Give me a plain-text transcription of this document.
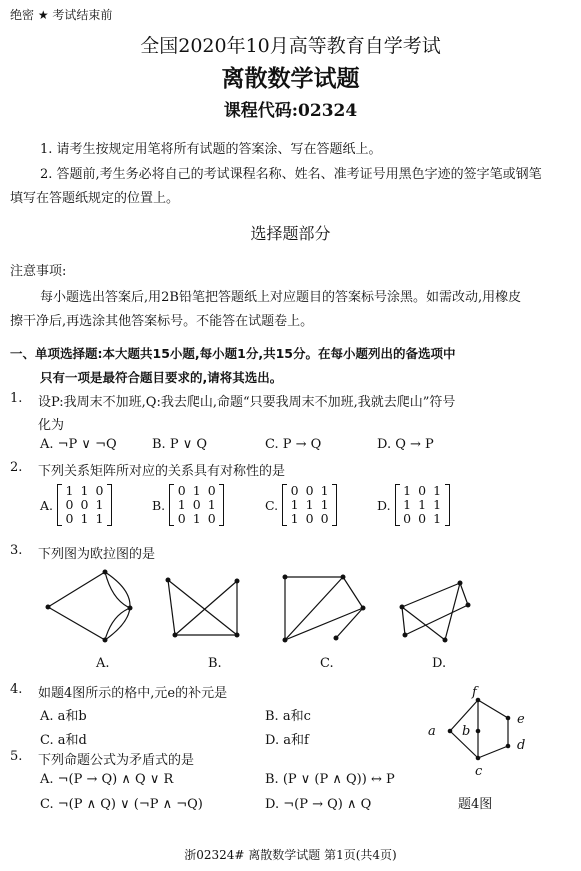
绝密 ★ 考试结束前
全国2020年10月高等教育自学考试
离散数学试题
课程代码:02324
1. 请考生按规定用笔将所有试题的答案涂、写在答题纸上。
2. 答题前,考生务必将自己的考试课程名称、姓名、准考证号用黑色字迹的签字笔或钢笔
填写在答题纸规定的位置上。
选择题部分
注意事项:
每小题选出答案后,用2B铅笔把答题纸上对应题目的答案标号涂黑。如需改动,用橡皮
擦干净后,再选涂其他答案标号。不能答在试题卷上。
一、单项选择题:本大题共15小题,每小题1分,共15分。在每小题列出的备选项中
只有一项是最符合题目要求的,请将其选出。
1. 设P:我周末不加班,Q:我去爬山,命题“只要我周末不加班,我就去爬山”符号
化为
A. ¬P ∨ ¬Q	B. P ∨ Q	C. P → Q	D. Q → P
2. 下列关系矩阵所对应的关系具有对称性的是
A.
1 1 0
0 0 1
0 1 1
B.
0 1 0
1 0 1
0 1 0
C.
0 0 1
1 1 1
1 0 0
D.
1 0 1
1 1 1
0 0 1
3. 下列图为欧拉图的是
A.	B.	C.	D.
4. 如题4图所示的格中,元e的补元是
A. a和b	B. a和c
C. a和d	D. a和f
5. 下列命题公式为矛盾式的是
A. ¬(P → Q) ∧ Q ∨ R	B. (P ∨ (P ∧ Q)) ↔ P
C. ¬(P ∧ Q) ∨ (¬P ∧ ¬Q)	D. ¬(P → Q) ∧ Q
f
a b
e
d
c
题4图
浙02324# 离散数学试题 第1页(共4页)
